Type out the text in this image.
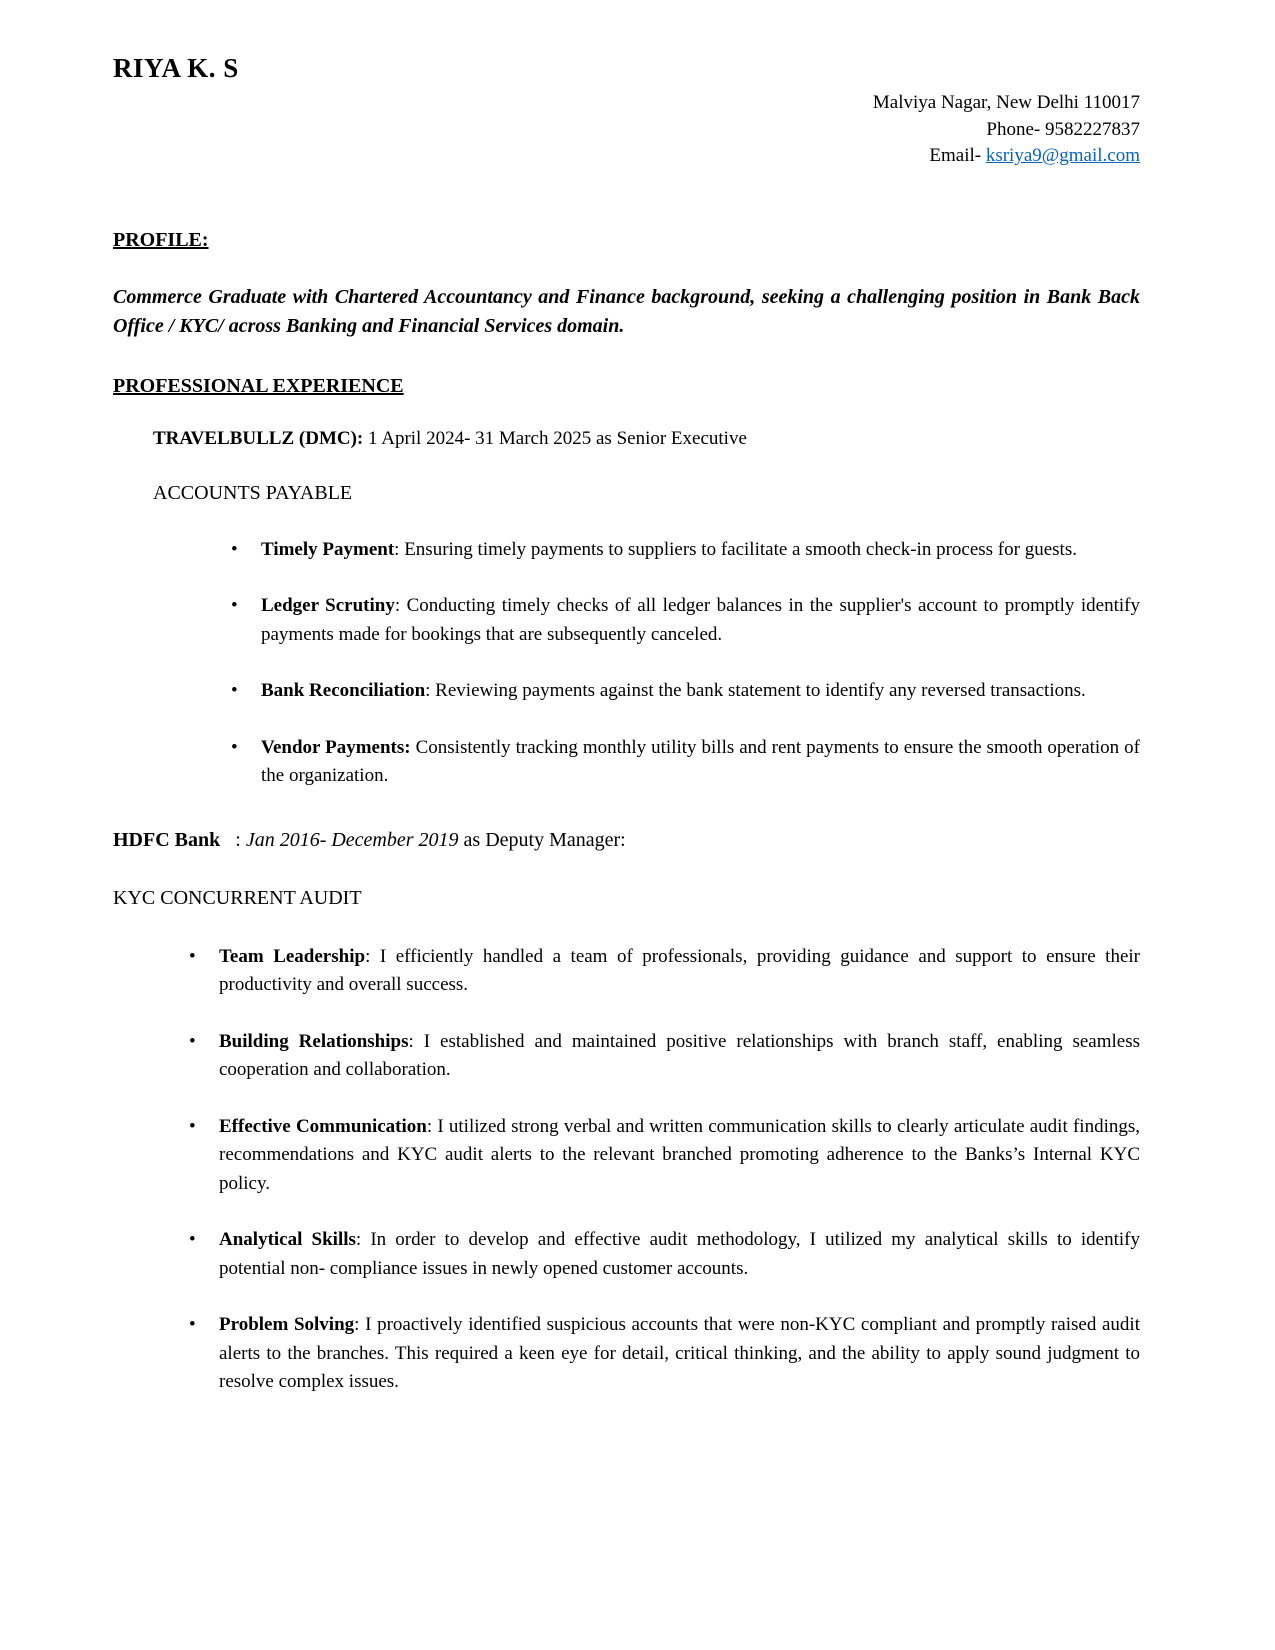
RIYA K. S
Malviya Nagar, New Delhi 110017
Phone- 9582227837
Email- ksriya9@gmail.com
PROFILE:

Commerce Graduate with Chartered Accountancy and Finance background, seeking a challenging position in Bank Back Office / KYC/ across Banking and Financial Services domain.

PROFESSIONAL EXPERIENCE
TRAVELBULLZ (DMC): 1 April 2024- 31 March 2025 as Senior Executive
ACCOUNTS PAYABLE
• Timely Payment: Ensuring timely payments to suppliers to facilitate a smooth check-in process for guests.
• Ledger Scrutiny: Conducting timely checks of all ledger balances in the supplier's account to promptly identify payments made for bookings that are subsequently canceled.
• Bank Reconciliation: Reviewing payments against the bank statement to identify any reversed transactions.
• Vendor Payments: Consistently tracking monthly utility bills and rent payments to ensure the smooth operation of the organization.
HDFC Bank   : Jan 2016- December 2019 as Deputy Manager:
KYC CONCURRENT AUDIT
• Team Leadership: I efficiently handled a team of professionals, providing guidance and support to ensure their productivity and overall success.
• Building Relationships: I established and maintained positive relationships with branch staff, enabling seamless cooperation and collaboration.
• Effective Communication: I utilized strong verbal and written communication skills to clearly articulate audit findings, recommendations and KYC audit alerts to the relevant branched promoting adherence to the Banks’s Internal KYC policy.
• Analytical Skills: In order to develop and effective audit methodology, I utilized my analytical skills to identify potential non- compliance issues in newly opened customer accounts.
• Problem Solving: I proactively identified suspicious accounts that were non-KYC compliant and promptly raised audit alerts to the branches. This required a keen eye for detail, critical thinking, and the ability to apply sound judgment to resolve complex issues.
